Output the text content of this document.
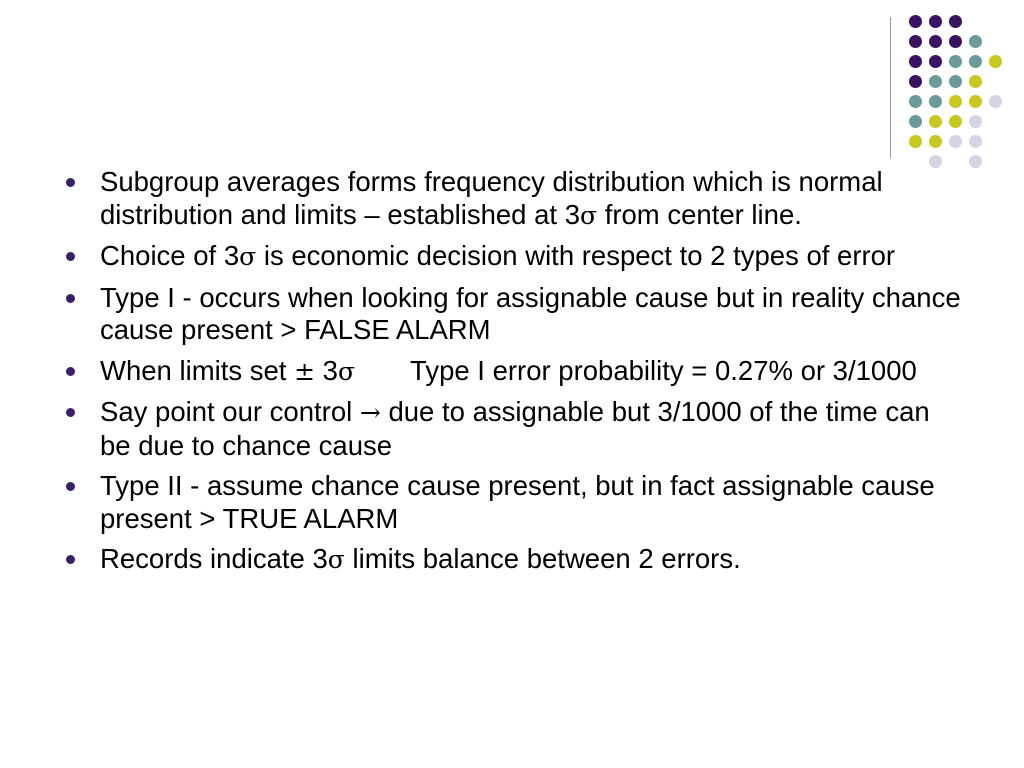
Subgroup averages forms frequency distribution which is normal distribution and limits – established at 3σ from center line.
Choice of 3σ is economic decision with respect to 2 types of error
Type I - occurs when looking for assignable cause but in reality chance cause present > FALSE ALARM
When limits set ± 3σ  Type I error probability = 0.27% or 3/1000
Say point our control → due to assignable but 3/1000 of the time can be due to chance cause
Type II - assume chance cause present, but in fact assignable cause present > TRUE ALARM
Records indicate 3σ limits balance between 2 errors.
